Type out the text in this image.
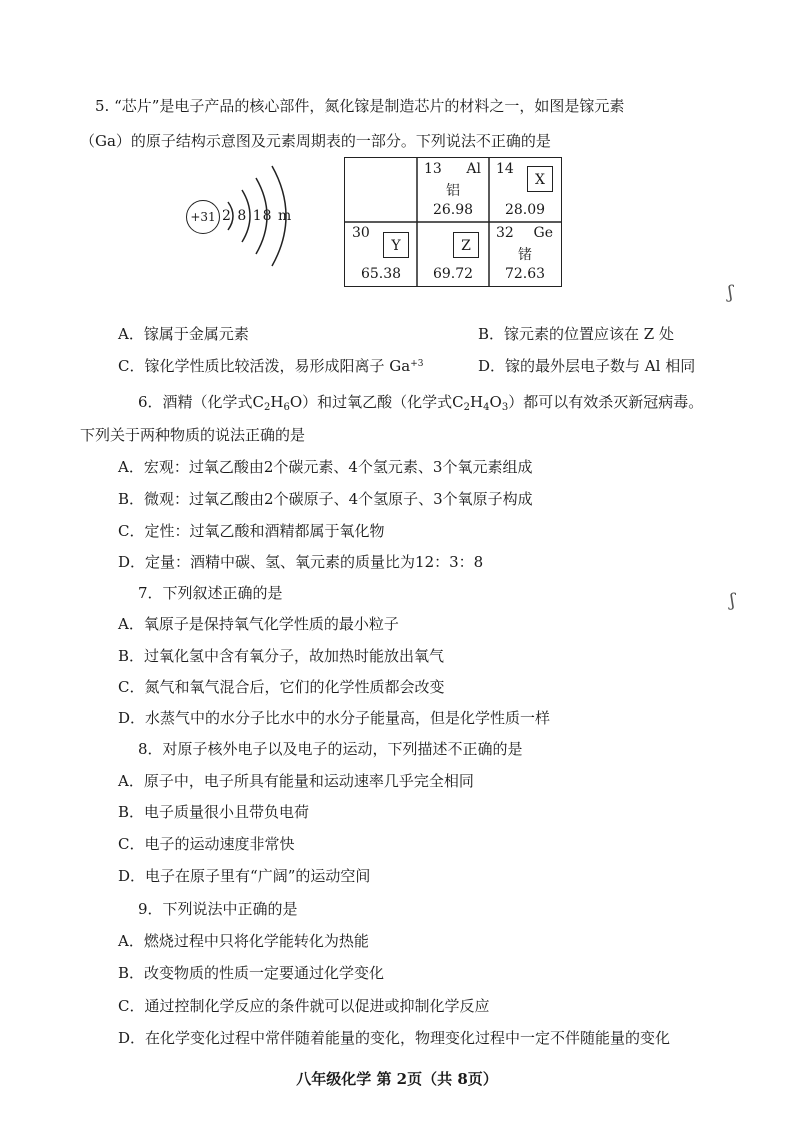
5. “芯片”是电子产品的核心部件，氮化镓是制造芯片的材料之一，如图是镓元素
（Ga）的原子结构示意图及元素周期表的一部分。下列说法不正确的是
+31 2 8 18 m
13 Al
铝
26.98
14
X
28.09
30
Y
65.38
Z
69.72
32 Ge
锗
72.63
A．镓属于金属元素	B．镓元素的位置应该在 Z 处
C．镓化学性质比较活泼，易形成阳离子 $Ga^{+3}$	D．镓的最外层电子数与 Al 相同
6．酒精（化学式$C_2H_6O$）和过氧乙酸（化学式$C_2H_4O_3$）都可以有效杀灭新冠病毒。
下列关于两种物质的说法正确的是
A．宏观：过氧乙酸由2个碳元素、4个氢元素、3个氧元素组成
B．微观：过氧乙酸由2个碳原子、4个氢原子、3个氧原子构成
C．定性：过氧乙酸和酒精都属于氧化物
D．定量：酒精中碳、氢、氧元素的质量比为12：3：8
7．下列叙述正确的是
A．氧原子是保持氧气化学性质的最小粒子
B．过氧化氢中含有氧分子，故加热时能放出氧气
C．氮气和氧气混合后，它们的化学性质都会改变
D．水蒸气中的水分子比水中的水分子能量高，但是化学性质一样
8．对原子核外电子以及电子的运动，下列描述不正确的是
A．原子中，电子所具有能量和运动速率几乎完全相同
B．电子质量很小且带负电荷
C．电子的运动速度非常快
D．电子在原子里有“广阔”的运动空间
9．下列说法中正确的是
A．燃烧过程中只将化学能转化为热能
B．改变物质的性质一定要通过化学变化
C．通过控制化学反应的条件就可以促进或抑制化学反应
D．在化学变化过程中常伴随着能量的变化，物理变化过程中一定不伴随能量的变化
ʃ
ʃ
八年级化学 第 2页（共 8页）
